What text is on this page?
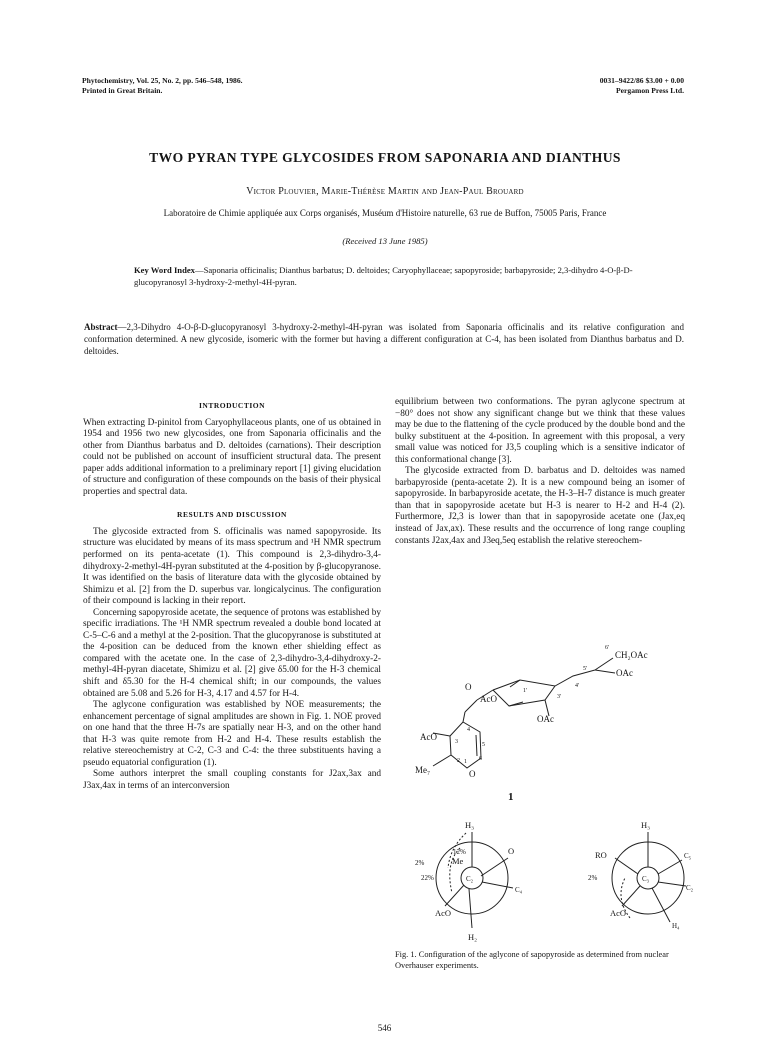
Phytochemistry, Vol. 25, No. 2, pp. 546–548, 1986.
Printed in Great Britain.
0031–9422/86 $3.00 + 0.00
Pergamon Press Ltd.
TWO PYRAN TYPE GLYCOSIDES FROM SAPONARIA AND DIANTHUS
Victor Plouvier, Marie-Thérèse Martin and Jean-Paul Brouard
Laboratoire de Chimie appliquée aux Corps organisés, Muséum d'Histoire naturelle, 63 rue de Buffon, 75005 Paris, France
(Received 13 June 1985)
Key Word Index—Saponaria officinalis; Dianthus barbatus; D. deltoides; Caryophyllaceae; sapopyroside; barbapyroside; 2,3-dihydro 4-O-β-D-glucopyranosyl 3-hydroxy-2-methyl-4H-pyran.
Abstract—2,3-Dihydro 4-O-β-D-glucopyranosyl 3-hydroxy-2-methyl-4H-pyran was isolated from Saponaria officinalis and its relative configuration and conformation determined. A new glycoside, isomeric with the former but having a different configuration at C-4, has been isolated from Dianthus barbatus and D. deltoides.

INTRODUCTION

When extracting D-pinitol from Caryophyllaceous plants, one of us obtained in 1954 and 1956 two new glycosides, one from Saponaria officinalis and the other from Dianthus barbatus and D. deltoides (carnations). Their description could not be published on account of insufficient structural data. The present paper adds additional information to a preliminary report [1] giving elucidation of structure and configuration of these compounds on the basis of their physical properties and spectral data.

RESULTS AND DISCUSSION

The glycoside extracted from S. officinalis was named sapopyroside. Its structure was elucidated by means of its mass spectrum and ¹H NMR spectrum performed on its penta-acetate (1). This compound is 2,3-dihydro-3,4-dihydroxy-2-methyl-4H-pyran substituted at the 4-position by β-glucopyranose. It was identified on the basis of literature data with the glycoside obtained by Shimizu et al. [2] from the D. superbus var. longicalycinus. The configuration of their compound is lacking in their report.

Concerning sapopyroside acetate, the sequence of protons was established by specific irradiations. The ¹H NMR spectrum revealed a double bond located at C-5–C-6 and a methyl at the 2-position. That the glucopyranose is substituted at the 4-position can be deduced from the known ether shielding effect as compared with the acetate one. In the case of 2,3-dihydro-3,4-dihydroxy-2-methyl-4H-pyran diacetate, Shimizu et al. [2] give δ5.00 for the H-3 chemical shift and δ5.30 for the H-4 chemical shift; in our compounds, the values obtained are 5.08 and 5.26 for H-3, 4.17 and 4.57 for H-4.

The aglycone configuration was established by NOE measurements; the enhancement percentage of signal amplitudes are shown in Fig. 1. NOE proved on one hand that the three H-7s are spatially near H-3, and on the other hand that H-3 was quite remote from H-2 and H-4. These results establish the relative stereochemistry at C-2, C-3 and C-4: the three substituents having a pseudo equatorial configuration (1).

Some authors interpret the small coupling constants for J2ax,3ax and J3ax,4ax in terms of an interconversion

equilibrium between two conformations. The pyran aglycone spectrum at −80° does not show any significant change but we think that these values may be due to the flattening of the cycle produced by the double bond and the bulky substituent at the 4-position. In agreement with this proposal, a very small value was noticed for J3,5 coupling which is a sensitive indicator of this conformational change [3].

The glycoside extracted from D. barbatus and D. deltoides was named barbapyroside (penta-acetate 2). It is a new compound being an isomer of sapopyroside. In barbapyroside acetate, the H-3–H-7 distance is much greater than that in sapopyroside acetate but H-3 is nearer to H-2 and H-4 (2). Furthermore, J2,3 is lower than that in sapopyroside acetate one (Jax,eq instead of Jax,ax). These results and the occurrence of long range coupling constants J2ax,4ax and J3eq,5eq establish the relative stereochem-

CH₂OAc
6'
OAc
OAc
AcO
AcO
O
O
Me₇
1'
3'
4'
5'
2
3
4
5
6
1
1
H₃
Me
12%
2%
22%	C₂
C₄
O
AcO
H₂
H₃
RO	C₅
C₃
C₂
2%
AcO
H₄
Fig. 1. Configuration of the aglycone of sapopyroside as determined from nuclear Overhauser experiments.
546
